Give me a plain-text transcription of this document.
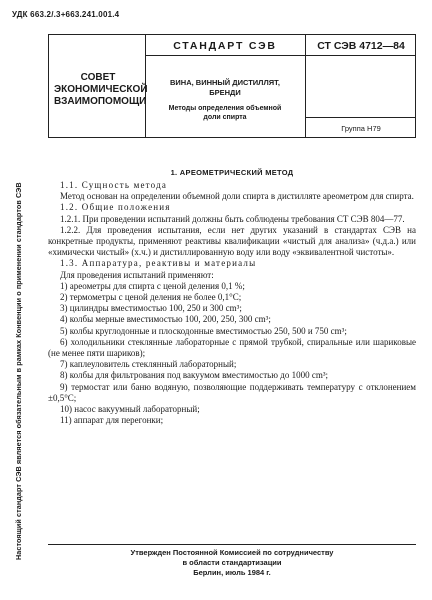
УДК 663.2/.3+663.241.001.4
Настоящий стандарт СЭВ является обязательным в рамках Конвенции о применении стандартов СЭВ
СОВЕТ
ЭКОНОМИЧЕСКОЙ
ВЗАИМОПОМОЩИ
СТАНДАРТ СЭВ	СТ СЭВ 4712—84
ВИНА, ВИННЫЙ ДИСТИЛЛЯТ,
БРЕНДИ
Методы определения объемной
доли спирта
Группа Н79
1. АРЕОМЕТРИЧЕСКИЙ МЕТОД

1.1. Сущность метода

Метод основан на определении объемной доли спирта в дистилляте ареометром для спирта.

1.2. Общие положения

1.2.1. При проведении испытаний должны быть соблюдены требования СТ СЭВ 804—77.

1.2.2. Для проведения испытания, если нет других указаний в стандартах СЭВ на конкретные продукты, применяют реактивы квалификации «чистый для анализа» (ч.д.а.) или «химически чистый» (х.ч.) и дистиллированную воду или воду «эквивалентной чистоты».

1.3. Аппаратура, реактивы и материалы

Для проведения испытаний применяют:

1) ареометры для спирта с ценой деления 0,1 %;

2) термометры с ценой деления не более 0,1°С;

3) цилиндры вместимостью 100, 250 и 300 cm³;

4) колбы мерные вместимостью 100, 200, 250, 300 cm³;

5) колбы круглодонные и плоскодонные вместимостью 250, 500 и 750 cm³;

6) холодильники стеклянные лабораторные с прямой трубкой, спиральные или шариковые (не менее пяти шариков);

7) каплеуловитель стеклянный лабораторный;

8) колбы для фильтрования под вакуумом вместимостью до 1000 cm³;

9) термостат или баню водяную, позволяющие поддерживать температуру с отклонением ±0,5°С;

10) насос вакуумный лабораторный;

11) аппарат для перегонки;

Утвержден Постоянной Комиссией по сотрудничеству
в области стандартизации
Берлин, июль 1984 г.
